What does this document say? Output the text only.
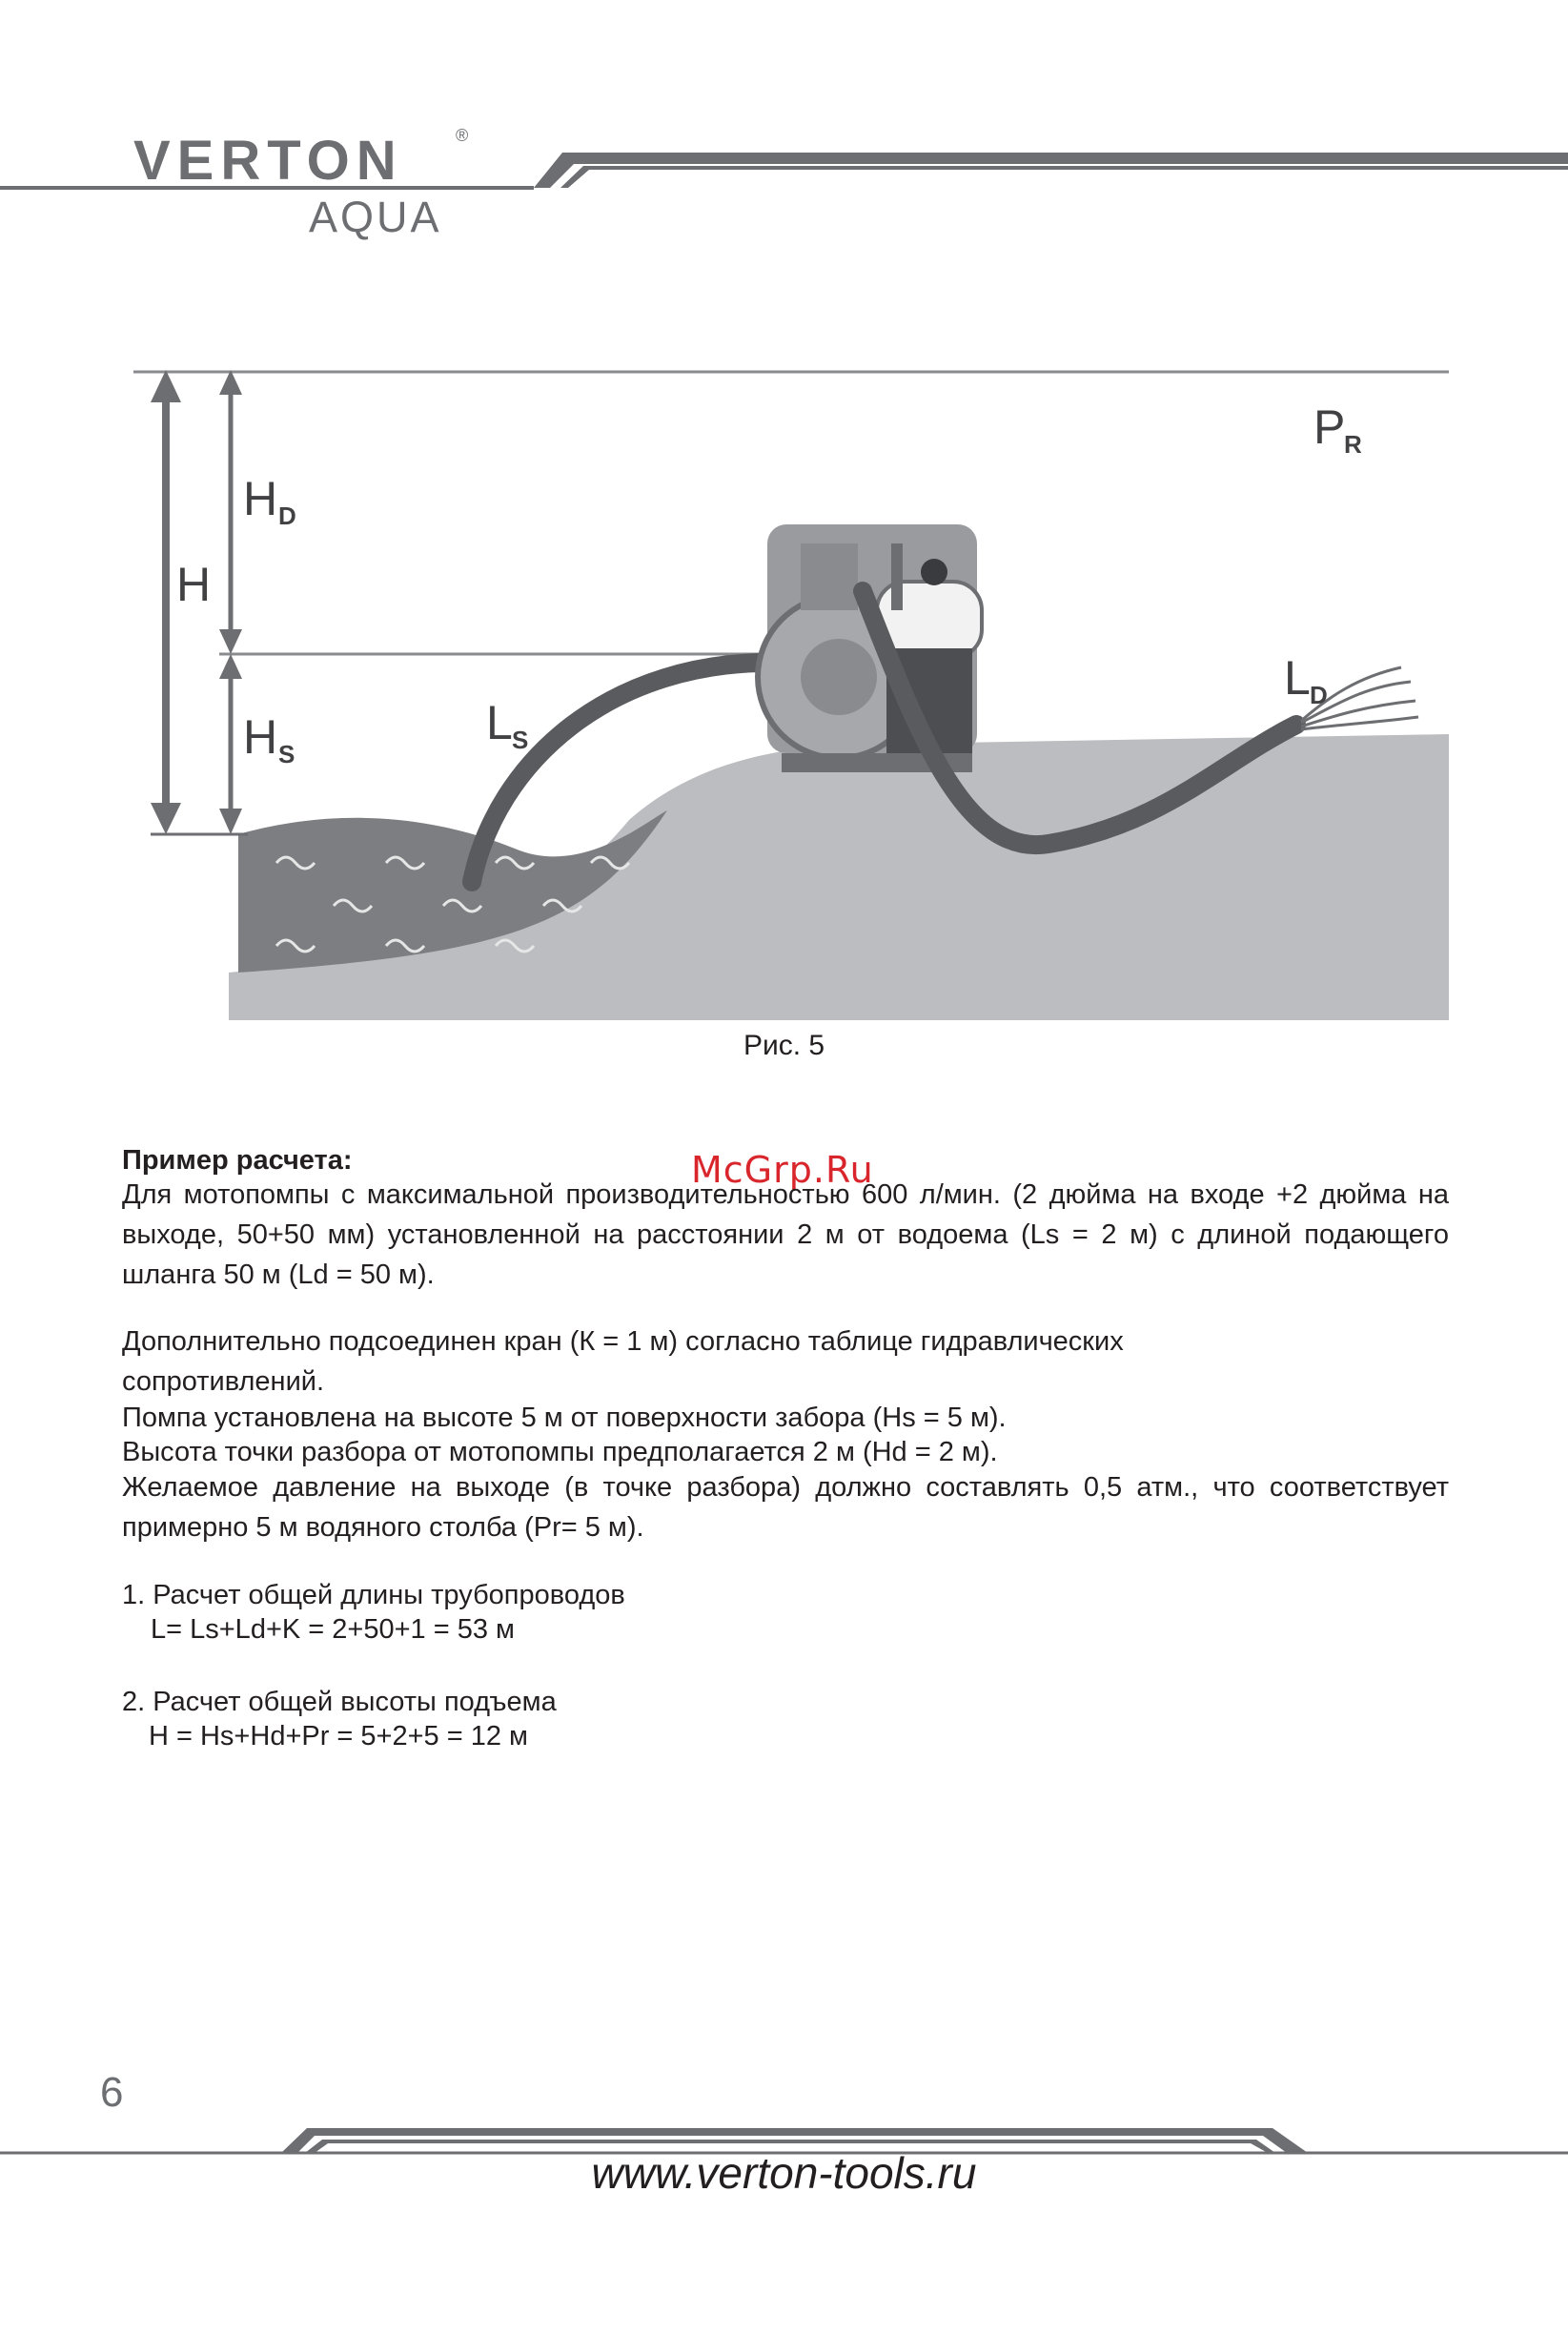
VERTON	®
AQUA
H
H D
H S
L S
L D
P
R
Рис. 5
McGrp.Ru
Пример расчета:
Для мотопомпы с максимальной производительностью 600 л/мин. (2 дюйма на входе +2 дюйма на выходе, 50+50 мм) установленной на расстоянии 2 м от водоема (Ls = 2 м) с длиной подающего шланга 50 м (Ld = 50 м).
Дополнительно подсоединен кран (К = 1 м) согласно таблице гидравлических сопротивлений.
Помпа установлена на высоте 5 м от поверхности забора (Hs = 5 м).
Высота точки разбора от мотопомпы предполагается 2 м (Hd = 2 м).
Желаемое давление на выходе (в точке разбора) должно составлять 0,5 атм., что соответствует примерно 5 м водяного столба (Pr= 5 м).
1. Расчет общей длины трубопроводов
L= Ls+Ld+K = 2+50+1 = 53 м
2. Расчет общей высоты подъема
H = Hs+Hd+Pr = 5+2+5 = 12 м
6
www.verton-tools.ru
